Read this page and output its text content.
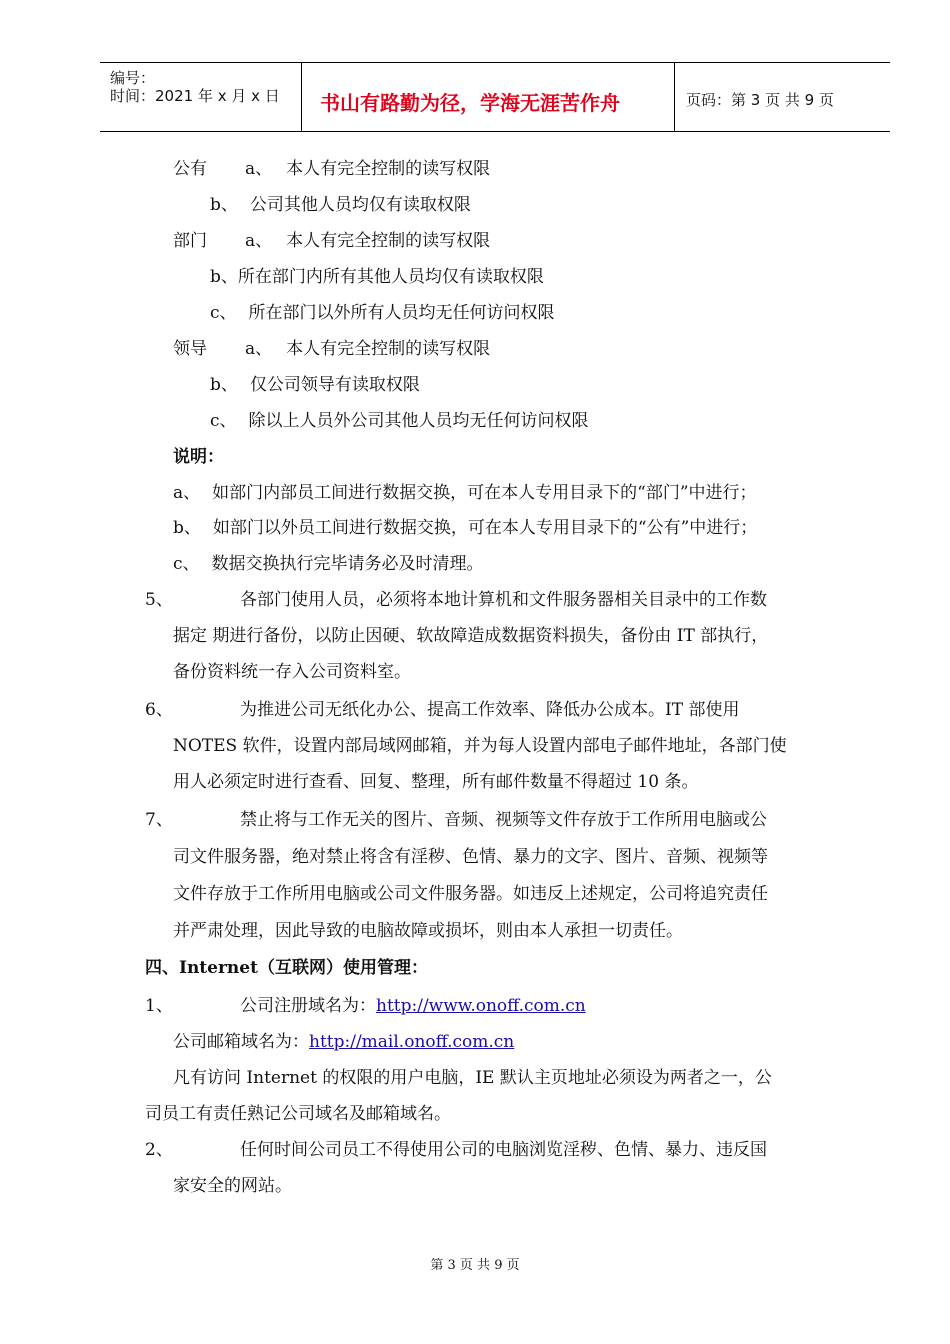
编号：
时间：2021 年 x 月 x 日 书山有路勤为径，学海无涯苦作舟	页码：第 3 页 共 9 页
公有 a、 本人有完全控制的读写权限
b、 公司其他人员均仅有读取权限
部门 a、 本人有完全控制的读写权限
b、所在部门内所有其他人员均仅有读取权限
c、 所在部门以外所有人员均无任何访问权限
领导 a、 本人有完全控制的读写权限
b、 仅公司领导有读取权限
c、 除以上人员外公司其他人员均无任何访问权限
说明：
a、 如部门内部员工间进行数据交换，可在本人专用目录下的“部门”中进行；
b、 如部门以外员工间进行数据交换，可在本人专用目录下的“公有”中进行；
c、 数据交换执行完毕请务必及时清理。
5、	各部门使用人员，必须将本地计算机和文件服务器相关目录中的工作数
据定 期进行备份，以防止因硬、软故障造成数据资料损失，备份由 IT 部执行，
备份资料统一存入公司资料室。
6、	为推进公司无纸化办公、提高工作效率、降低办公成本。IT 部使用
NOTES 软件，设置内部局域网邮箱，并为每人设置内部电子邮件地址，各部门使
用人必须定时进行查看、回复、整理，所有邮件数量不得超过 10 条。
7、	禁止将与工作无关的图片、音频、视频等文件存放于工作所用电脑或公
司文件服务器，绝对禁止将含有淫秽、色情、暴力的文字、图片、音频、视频等
文件存放于工作所用电脑或公司文件服务器。如违反上述规定，公司将追究责任
并严肃处理，因此导致的电脑故障或损坏，则由本人承担一切责任。
四、Internet（互联网）使用管理：
1、	公司注册域名为：http://www.onoff.com.cn
公司邮箱域名为：http://mail.onoff.com.cn
凡有访问 Internet 的权限的用户电脑，IE 默认主页地址必须设为两者之一，公
司员工有责任熟记公司域名及邮箱域名。
2、	任何时间公司员工不得使用公司的电脑浏览淫秽、色情、暴力、违反国
家安全的网站。
第 3 页 共 9 页
